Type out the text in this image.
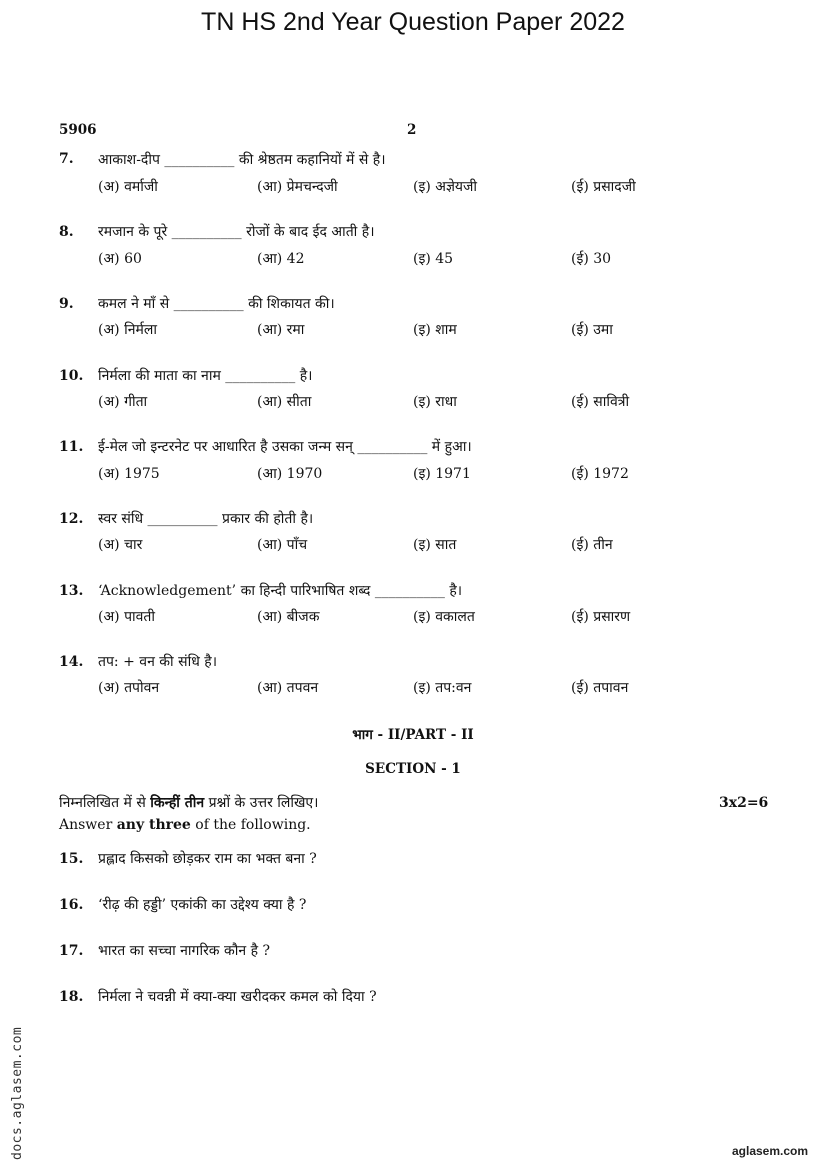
TN HS 2nd Year Question Paper 2022
5906	2
7. आकाश-दीप __________ की श्रेष्ठतम कहानियों में से है।
(अ) वर्माजी	(आ) प्रेमचन्दजी	(इ) अज्ञेयजी	(ई) प्रसादजी
8. रमजान के पूरे __________ रोजों के बाद ईद आती है।
(अ) 60	(आ) 42	(इ) 45	(ई) 30
9. कमल ने माँ से __________ की शिकायत की।
(अ) निर्मला	(आ) रमा	(इ) शाम	(ई) उमा
10. निर्मला की माता का नाम __________ है।
(अ) गीता	(आ) सीता	(इ) राधा	(ई) सावित्री
11. ई-मेल जो इन्टरनेट पर आधारित है उसका जन्म सन् __________ में हुआ।
(अ) 1975	(आ) 1970	(इ) 1971	(ई) 1972
12. स्वर संधि __________ प्रकार की होती है।
(अ) चार	(आ) पाँच	(इ) सात	(ई) तीन
13. ‘Acknowledgement’ का हिन्दी पारिभाषित शब्द __________ है।
(अ) पावती	(आ) बीजक	(इ) वकालत	(ई) प्रसारण
14. तप: + वन की संधि है।
(अ) तपोवन	(आ) तपवन	(इ) तप:वन	(ई) तपावन
भाग - II/PART - II
SECTION - 1
निम्नलिखित में से किन्हीं तीन प्रश्नों के उत्तर लिखिए।	3x2=6
Answer any three of the following.
15. प्रह्लाद किसको छोड़कर राम का भक्त बना ?
16. ‘रीढ़ की हड्डी’ एकांकी का उद्देश्य क्या है ?
17. भारत का सच्चा नागरिक कौन है ?
18. निर्मला ने चवन्नी में क्या-क्या खरीदकर कमल को दिया ?
docs.aglasem.com	aglasem.com
